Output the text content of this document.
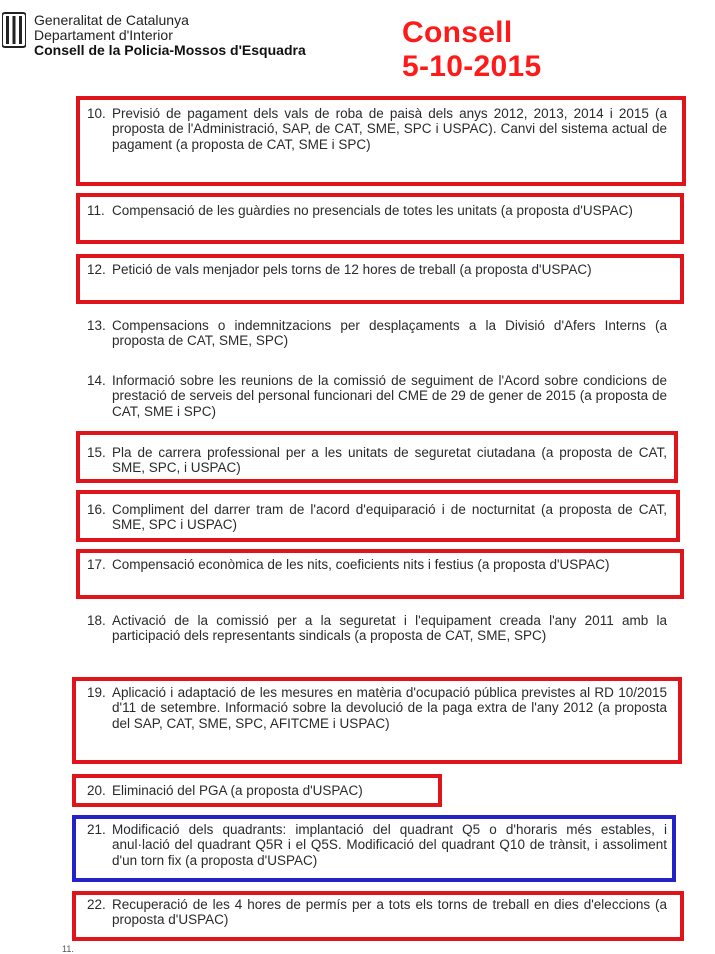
Generalitat de Catalunya
Departament d'Interior
Consell de la Policia-Mossos d'Esquadra
Consell
5-10-2015
10. Previsió de pagament dels vals de roba de paisà dels anys 2012, 2013, 2014 i 2015 (a proposta de l'Administració, SAP, de CAT, SME, SPC i USPAC). Canvi del sistema actual de pagament (a proposta de CAT, SME i SPC)
11. Compensació de les guàrdies no presencials de totes les unitats (a proposta d'USPAC)
12. Petició de vals menjador pels torns de 12 hores de treball (a proposta d'USPAC)
13. Compensacions o indemnitzacions per desplaçaments a la Divisió d'Afers Interns (a proposta de CAT, SME, SPC)
14. Informació sobre les reunions de la comissió de seguiment de l'Acord sobre condicions de prestació de serveis del personal funcionari del CME de 29 de gener de 2015 (a proposta de CAT, SME i SPC)
15. Pla de carrera professional per a les unitats de seguretat ciutadana (a proposta de CAT, SME, SPC, i USPAC)
16. Compliment del darrer tram de l'acord d'equiparació i de nocturnitat (a proposta de CAT, SME, SPC i USPAC)
17. Compensació econòmica de les nits, coeficients nits i festius (a proposta d'USPAC)
18. Activació de la comissió per a la seguretat i l'equipament creada l'any 2011 amb la participació dels representants sindicals (a proposta de CAT, SME, SPC)
19. Aplicació i adaptació de les mesures en matèria d'ocupació pública previstes al RD 10/2015 d'11 de setembre. Informació sobre la devolució de la paga extra de l'any 2012 (a proposta del SAP, CAT, SME, SPC, AFITCME i USPAC)
20. Eliminació del PGA (a proposta d'USPAC)
21. Modificació dels quadrants: implantació del quadrant Q5 o d'horaris més estables, i anul·lació del quadrant Q5R i el Q5S. Modificació del quadrant Q10 de trànsit, i assoliment d'un torn fix (a proposta d'USPAC)
22. Recuperació de les 4 hores de permís per a tots els torns de treball en dies d'eleccions (a proposta d'USPAC)
11.
